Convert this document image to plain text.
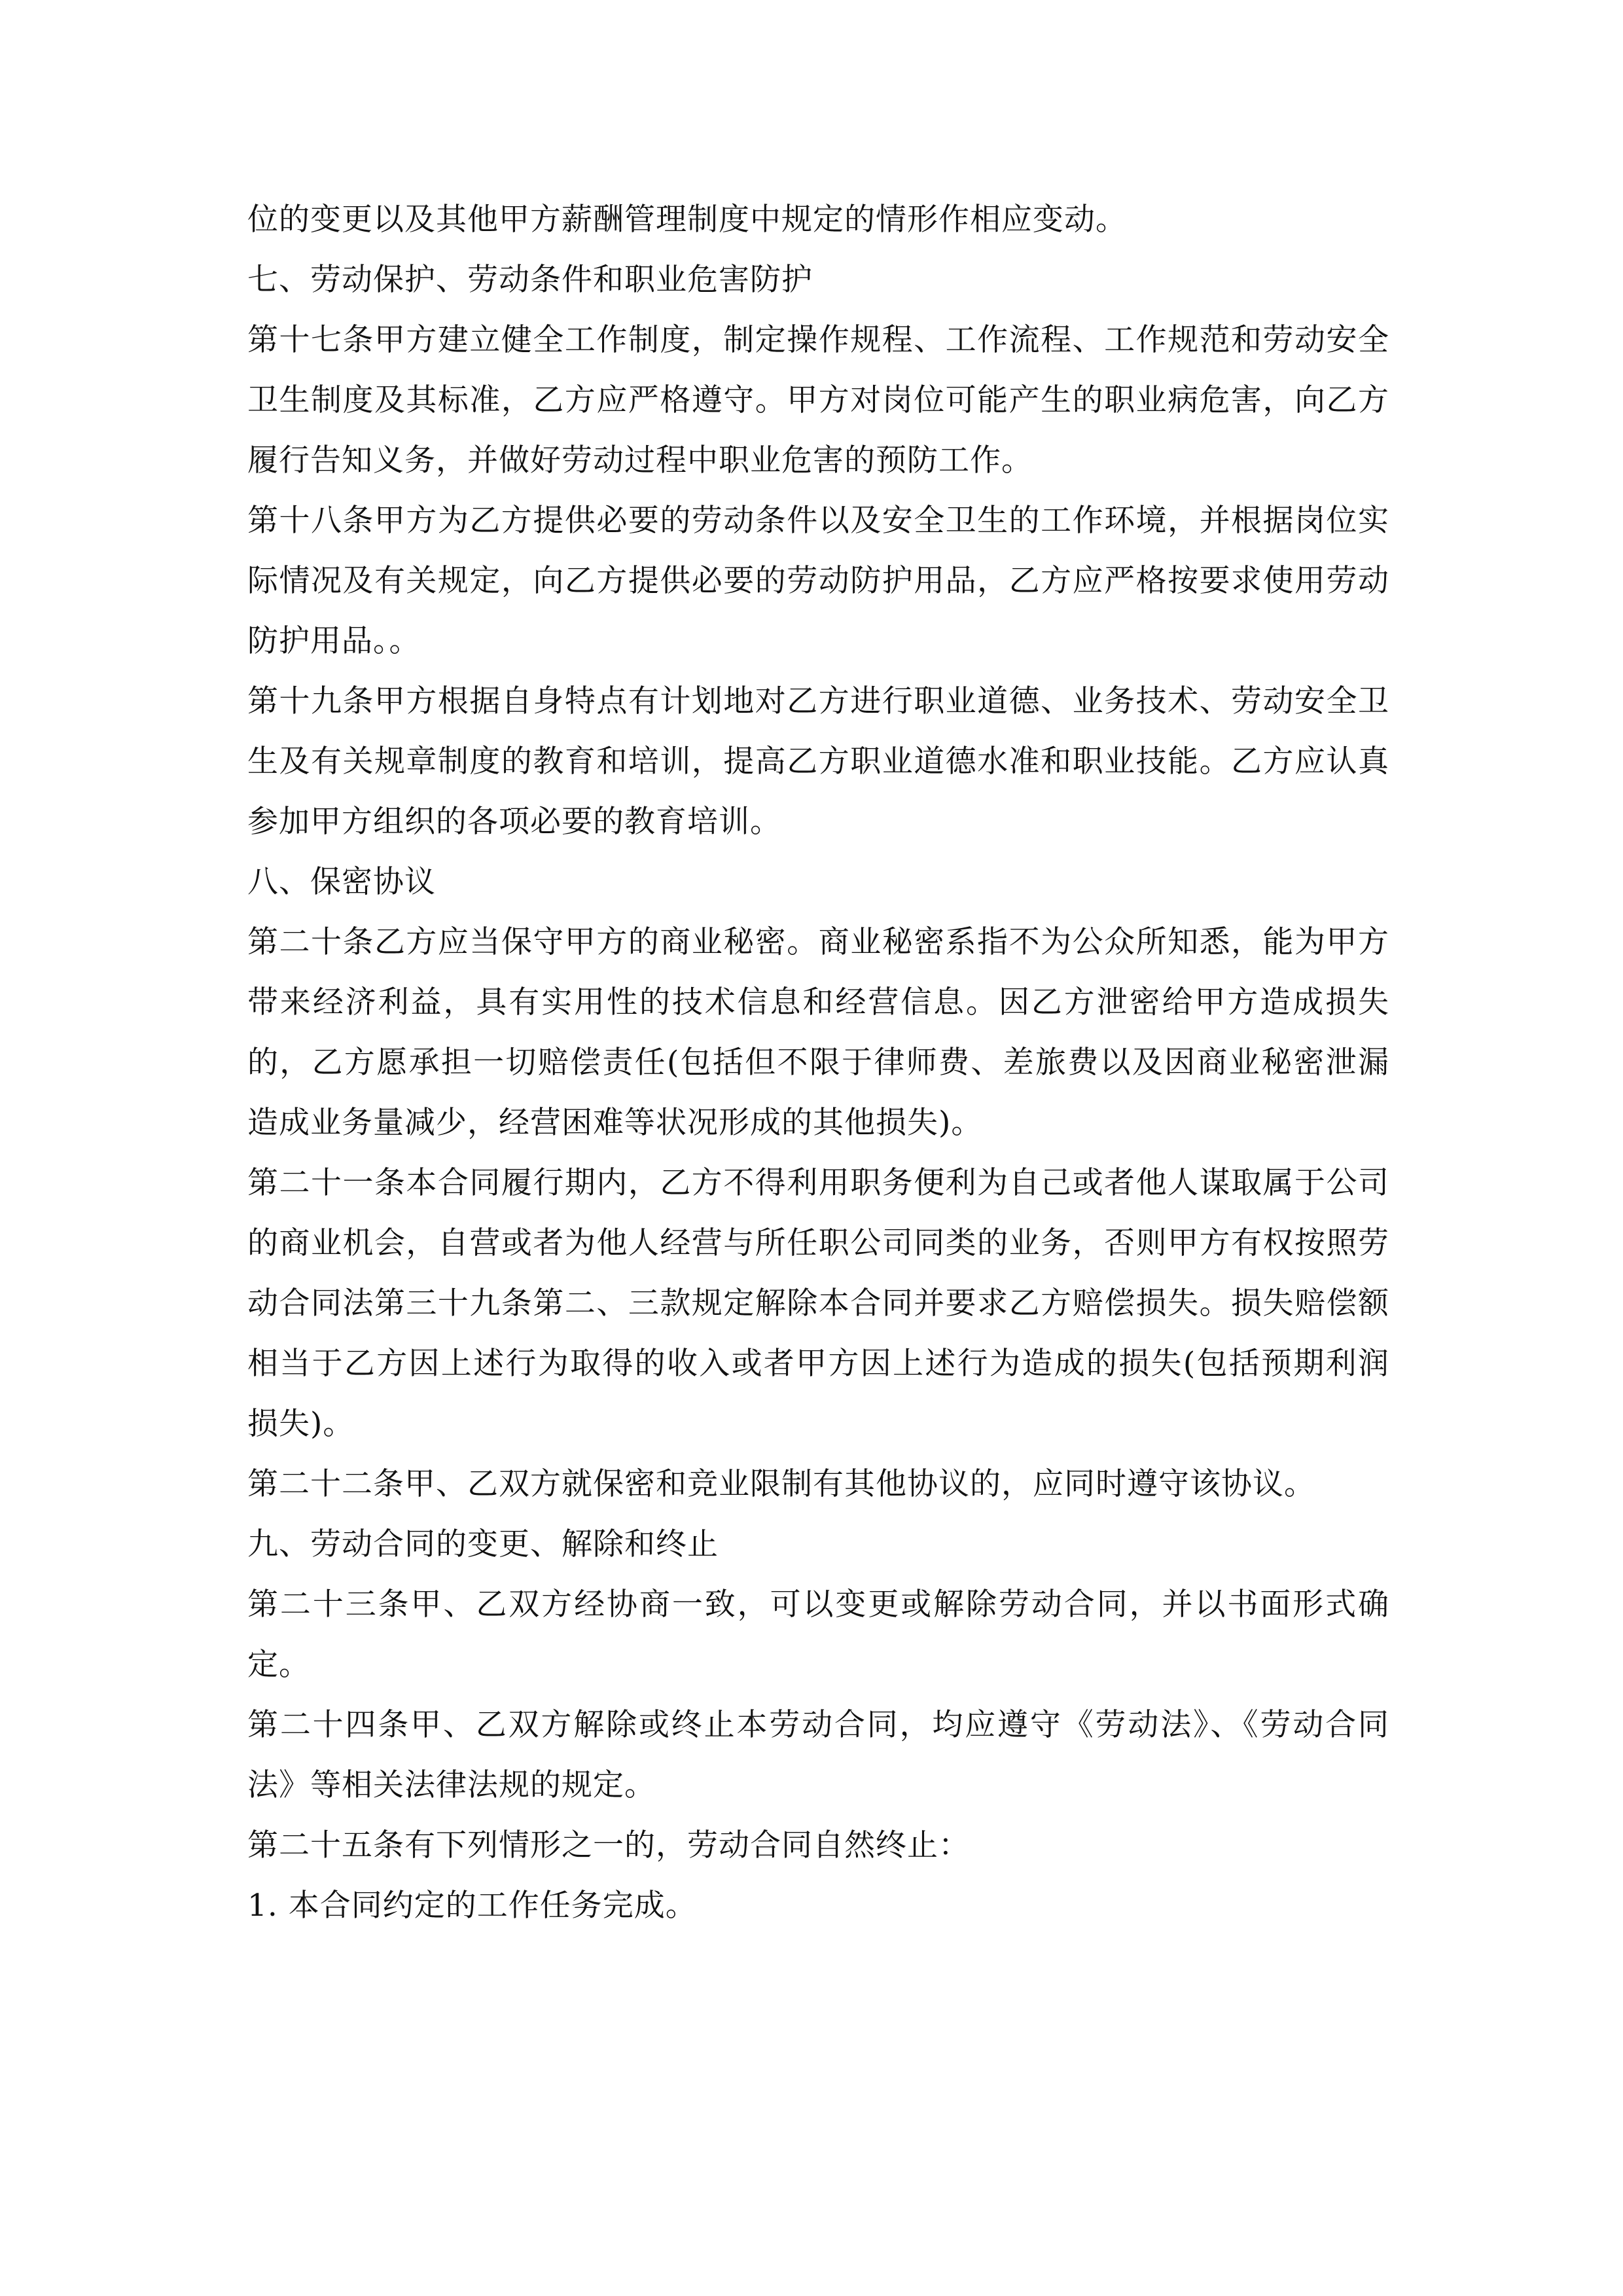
位的变更以及其他甲方薪酬管理制度中规定的情形作相应变动。

七、劳动保护、劳动条件和职业危害防护

第十七条甲方建立健全工作制度，制定操作规程、工作流程、工作规范和劳动安全卫生制度及其标准，乙方应严格遵守。甲方对岗位可能产生的职业病危害，向乙方履行告知义务，并做好劳动过程中职业危害的预防工作。

第十八条甲方为乙方提供必要的劳动条件以及安全卫生的工作环境，并根据岗位实际情况及有关规定，向乙方提供必要的劳动防护用品，乙方应严格按要求使用劳动防护用品。。

第十九条甲方根据自身特点有计划地对乙方进行职业道德、业务技术、劳动安全卫生及有关规章制度的教育和培训，提高乙方职业道德水准和职业技能。乙方应认真参加甲方组织的各项必要的教育培训。

八、保密协议

第二十条乙方应当保守甲方的商业秘密。商业秘密系指不为公众所知悉，能为甲方带来经济利益，具有实用性的技术信息和经营信息。因乙方泄密给甲方造成损失的，乙方愿承担一切赔偿责任(包括但不限于律师费、差旅费以及因商业秘密泄漏造成业务量减少，经营困难等状况形成的其他损失)。

第二十一条本合同履行期内，乙方不得利用职务便利为自己或者他人谋取属于公司的商业机会，自营或者为他人经营与所任职公司同类的业务，否则甲方有权按照劳　动合同法第三十九条第二、三款规定解除本合同并要求乙方赔偿损失。损失赔偿额相当于乙方因上述行为取得的收入或者甲方因上述行为造成的损失(包括预期利润　损失)。

第二十二条甲、乙双方就保密和竞业限制有其他协议的，应同时遵守该协议。

九、劳动合同的变更、解除和终止

第二十三条甲、乙双方经协商一致，可以变更或解除劳动合同，并以书面形式确定。

第二十四条甲、乙双方解除或终止本劳动合同，均应遵守《劳动法》、《劳动合同法》等相关法律法规的规定。

第二十五条有下列情形之一的，劳动合同自然终止：

1. 本合同约定的工作任务完成。
